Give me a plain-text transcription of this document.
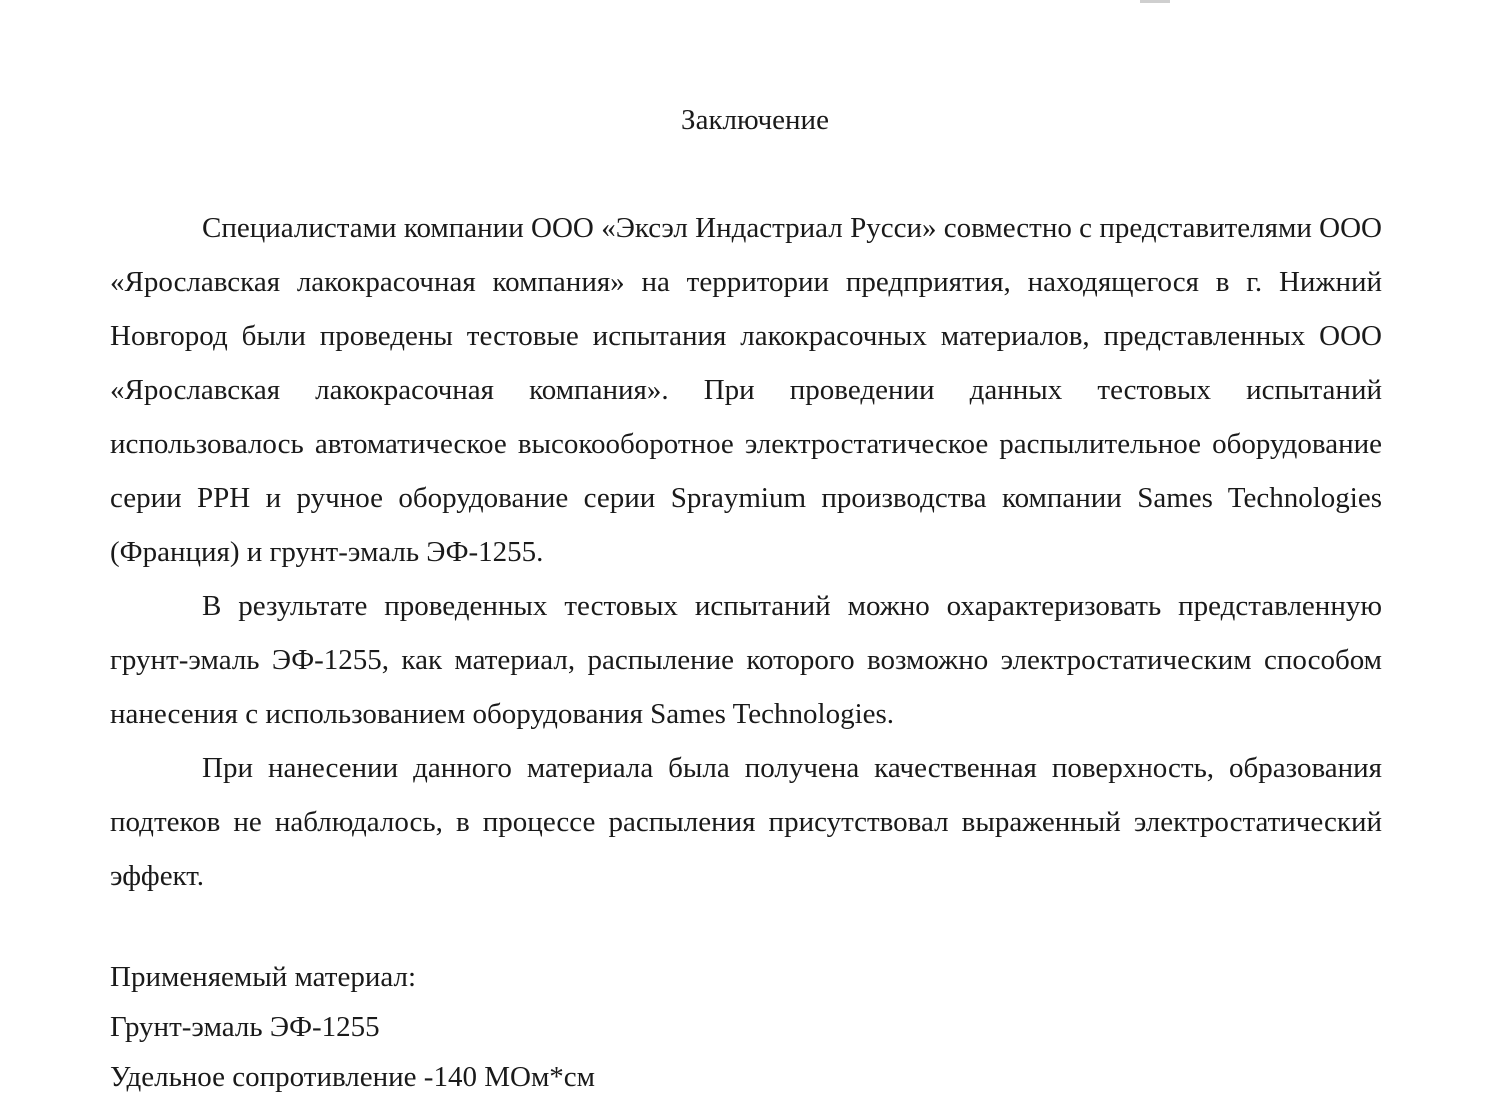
Заключение

Специалистами компании ООО «Эксэл Индастриал Русси» совместно с представителями ООО «Ярославская лакокрасочная компания» на территории предприятия, находящегося в г. Нижний Новгород были проведены тестовые испытания лакокрасочных материалов, представленных ООО «Ярославская лакокрасочная компания». При проведении данных тестовых испытаний использовалось автоматическое высокооборотное электростатическое распылительное оборудование серии PPH и ручное оборудование серии Spraymium производства компании Sames Technologies (Франция) и грунт-эмаль ЭФ-1255.

В результате проведенных тестовых испытаний можно охарактеризовать представленную грунт-эмаль ЭФ-1255, как материал, распыление которого возможно электростатическим способом нанесения с использованием оборудования Sames Technologies.

При нанесении данного материала была получена качественная поверхность, образования подтеков не наблюдалось, в процессе распыления присутствовал выраженный электростатический эффект.

Применяемый материал:
Грунт-эмаль ЭФ-1255
Удельное сопротивление -140 МОм*см
